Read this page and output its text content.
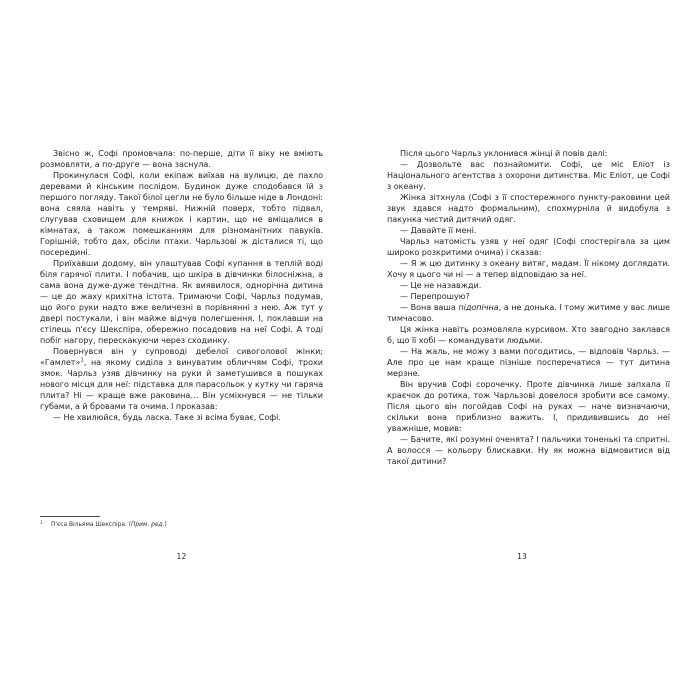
Звісно ж, Софі промовчала: по-перше, діти її віку не вміють розмовляти, а по-друге — вона заснула.

Прокинулася Софі, коли екіпаж виїхав на вулицю, де пахло деревами й кінським послідом. Будинок дуже сподобався їй з першого погляду. Такої білої цегли не було більше ніде в Лондоні: вона сяяла навіть у темряві. Нижній поверх, тобто підвал, слугував сховищем для книжок і картин, що не вміщалися в кімнатах, а також помешканням для різноманітних павуків. Горішній, тобто дах, обсіли птахи. Чарльзові ж дісталися ті, що посередині.

Приїхавши додому, він улаштував Софі купання в теплій воді біля гарячої плити. І побачив, що шкіра в дівчинки білосніжна, а сама вона дуже-дуже тендітна. Як виявилося, однорічна дитина — це до жаху крихітна істота. Тримаючи Софі, Чарльз подумав, що його руки надто вже величезні в порівнянні з нею. Аж тут у двері постукали, і він майже відчув полегшення. І, поклавши на стілець п'єсу Шекспіра, обережно посадовив на неї Софі. А тоді побіг нагору, перескакуючи через сходинку.

Повернувся він у супроводі дебелої сивоголової жінки; «Гамлет»$^1$, на якому сиділа з винуватим обличчям Софі, трохи змок. Чарльз узяв дівчинку на руки й заметушився в пошуках нового місця для неї: підставка для парасольок у кутку чи гаряча плита? Ні — краще вже раковина… Він усміхнувся — не тільки губами, а й бровами та очима. І проказав:

— Не хвилюйся, будь ласка. Таке зі всіма буває, Софі.

1	П'єса Вільяма Шекспіра. (Прим. ред.)

12

Після цього Чарльз уклонився жінці й повів далі:

— Дозвольте вас познайомити. Софі, це міс Еліот із Національного агентства з охорони дитинства. Міс Еліот, це Софі з океану.

Жінка зітхнула (Софі з її спостережного пункту-раковини цей звук здався надто формальним), спохмурніла й видобула з пакунка чистий дитячий одяг.

— Давайте її мені.

Чарльз натомість узяв у неї одяг (Софі спостерігала за цим широко розкритими очима) і сказав:

— Я ж цю дитинку з океану витяг, мадам. Її нікому доглядати. Хочу я цього чи ні — а тепер відповідаю за неї.

— Це не назавжди.

— Перепрошую?

— Вона ваша підопічна, а не донька. І тому житиме у вас лише тимчасово.

Ця жінка навіть розмовляла курсивом. Хто завгодно заклався б, що її хобі — командувати людьми.

— На жаль, не можу з вами погодитись, — відповів Чарльз. — Але про це нам краще пізніше посперечатися — тут дитина мерзне.

Він вручив Софі сорочечку. Проте дівчинка лише запхала її краєчок до ротика, тож Чарльзові довелося зробити все самому. Після цього він погойдав Софі на руках — наче визначаючи, скільки вона приблизно важить. І, придивившись до неї уважніше, мовив:

— Бачите, які розумні оченята? І пальчики тоненькі та спритні. А волосся — кольору блискавки. Ну як можна відмовитися від такої дитини?

13
